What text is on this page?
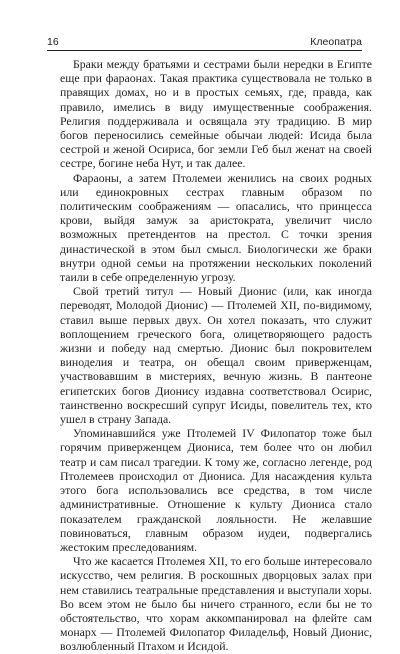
16	Клеопатра

Браки между братьями и сестрами были нередки в Египте еще при фараонах. Такая практика существовала не только в правящих домах, но и в простых семьях, где, правда, как правило, имелись в виду имущественные соображения. Религия поддерживала и освящала эту традицию. В мир богов переносились семейные обычаи людей: Исида была сестрой и женой Осириса, бог земли Геб был женат на своей сестре, богине неба Нут, и так далее.

Фараоны, а затем Птолемеи женились на своих родных или единокровных сестрах главным образом по политическим соображениям — опасались, что принцесса крови, выйдя замуж за аристократа, увеличит число возможных претендентов на престол. С точки зрения династической в этом был смысл. Биологически же браки внутри одной семьи на протяжении нескольких поколений таили в себе определенную угрозу.

Свой третий титул — Новый Дионис (или, как иногда переводят, Молодой Дионис) — Птолемей XII, по-видимому, ставил выше первых двух. Он хотел показать, что служит воплощением греческого бога, олицетворяющего радость жизни и победу над смертью. Дионис был покровителем виноделия и театра, он обещал своим приверженцам, участвовавшим в мистериях, вечную жизнь. В пантеоне египетских богов Дионису издавна соответствовал Осирис, таинственно воскресший супруг Исиды, повелитель тех, кто ушел в страну Запада.

Упоминавшийся уже Птолемей IV Филопатор тоже был горячим приверженцем Диониса, тем более что он любил театр и сам писал трагедии. К тому же, согласно легенде, род Птолемеев происходил от Диониса. Для насаждения культа этого бога использовались все средства, в том числе административные. Отношение к культу Диониса стало показателем гражданской лояльности. Не желавшие повиноваться, главным образом иудеи, подвергались жестоким преследованиям.

Что же касается Птолемея XII, то его больше интересовало искусство, чем религия. В роскошных дворцовых залах при нем ставились театральные представления и выступали хоры. Во всем этом не было бы ничего странного, если бы не то обстоятельство, что хорам аккомпанировал на флейте сам монарх — Птолемей Филопатор Филадельф, Новый Дионис, возлюбленный Птахом и Исидой.
